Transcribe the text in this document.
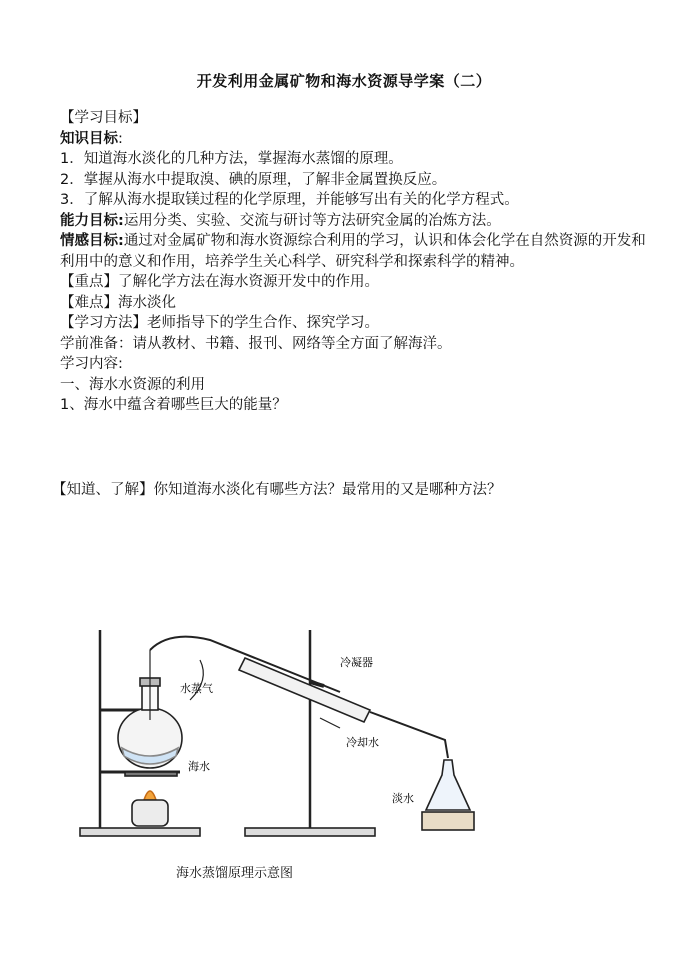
开发利用金属矿物和海水资源导学案（二）
【学习目标】
知识目标:
1．知道海水淡化的几种方法，掌握海水蒸馏的原理。
2．掌握从海水中提取溴、碘的原理，了解非金属置换反应。
3．了解从海水提取镁过程的化学原理，并能够写出有关的化学方程式。
能力目标:运用分类、实验、交流与研讨等方法研究金属的冶炼方法。
情感目标:通过对金属矿物和海水资源综合利用的学习，认识和体会化学在自然资源的开发和利用中的意义和作用，培养学生关心科学、研究科学和探索科学的精神。
【重点】了解化学方法在海水资源开发中的作用。
【难点】海水淡化
【学习方法】老师指导下的学生合作、探究学习。
学前准备：请从教材、书籍、报刊、网络等全方面了解海洋。
学习内容:
一、海水水资源的利用
1、海水中蕴含着哪些巨大的能量？
【知道、了解】你知道海水淡化有哪些方法？最常用的又是哪种方法？
水蒸气
海水
冷凝器
冷却水
淡水
海水蒸馏原理示意图
